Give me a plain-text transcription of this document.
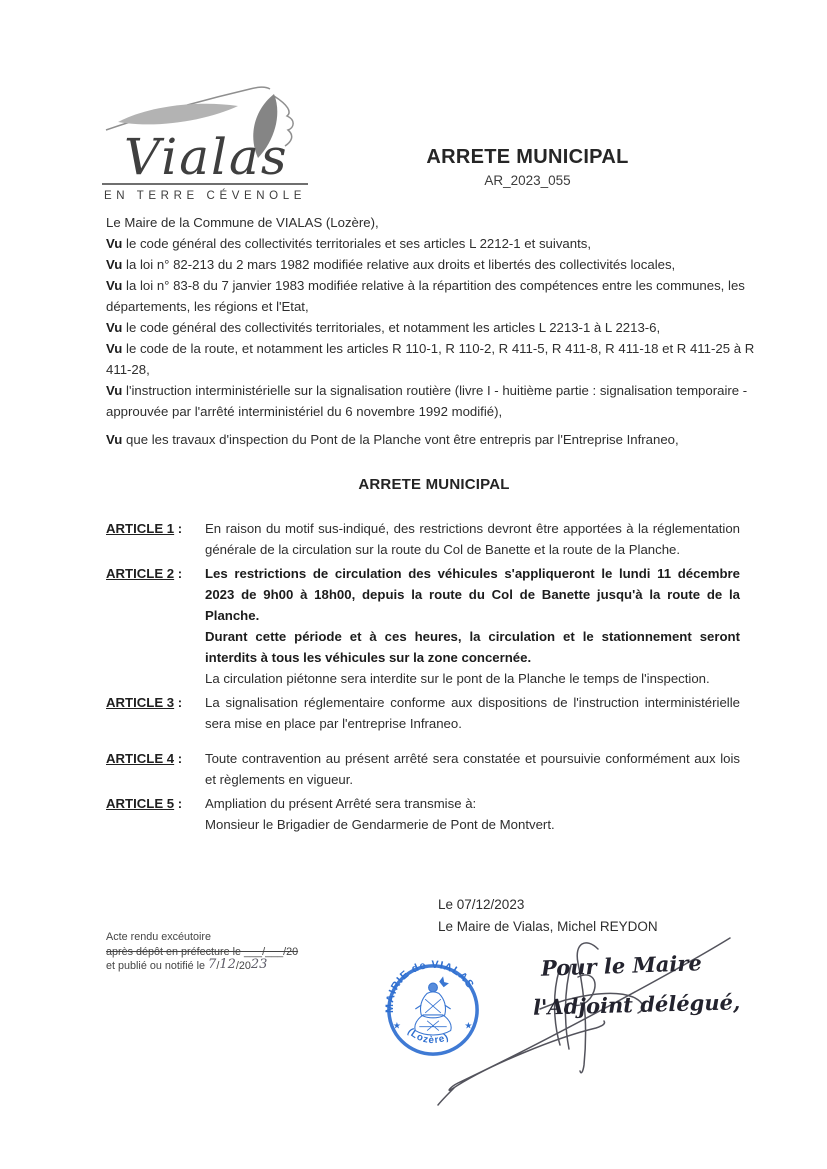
Vialas
EN TERRE CÉVENOLE
ARRETE MUNICIPAL
AR_2023_055

Le Maire de la Commune de VIALAS (Lozère),

Vu le code général des collectivités territoriales et ses articles L 2212-1 et suivants,

Vu la loi n° 82-213 du 2 mars 1982 modifiée relative aux droits et libertés des collectivités locales,

Vu la loi n° 83-8 du 7 janvier 1983 modifiée relative à la répartition des compétences entre les communes, les départements, les régions et l'Etat,

Vu le code général des collectivités territoriales, et notamment les articles L 2213-1 à L 2213-6,

Vu le code de la route, et notamment les articles R 110-1, R 110-2, R 411-5, R 411-8, R 411-18 et R 411-25 à R 411-28,

Vu l'instruction interministérielle sur la signalisation routière (livre I - huitième partie : signalisation temporaire - approuvée par l'arrêté interministériel du 6 novembre 1992 modifié),

Vu que les travaux d'inspection du Pont de la Planche vont être entrepris par l'Entreprise Infraneo,

ARRETE MUNICIPAL
ARTICLE 1 :	En raison du motif sus-indiqué, des restrictions devront être apportées à la réglementation générale de la circulation sur la route du Col de Banette et la route de la Planche.

ARTICLE 2 :	Les restrictions de circulation des véhicules s'appliqueront le lundi 11 décembre 2023 de 9h00 à 18h00, depuis la route du Col de Banette jusqu'à la route de la Planche.

Durant cette période et à ces heures, la circulation et le stationnement seront interdits à tous les véhicules sur la zone concernée.

La circulation piétonne sera interdite sur le pont de la Planche le temps de l'inspection.

ARTICLE 3 :	La signalisation réglementaire conforme aux dispositions de l'instruction interministérielle sera mise en place par l'entreprise Infraneo.

ARTICLE 4 :	Toute contravention au présent arrêté sera constatée et poursuivie conformément aux lois et règlements en vigueur.

ARTICLE 5 :	Ampliation du présent Arrêté sera transmise à:

Monsieur le Brigadier de Gendarmerie de Pont de Montvert.

Le 07/12/2023
Le Maire de Vialas, Michel REYDON
MAIRIE de VIALAS
(Lozère)
★	★
Pour le Maire
l'Adjoint délégué,
Acte rendu excéutoire
après dépôt en préfecture le ___/___/20
et publié ou notifié le 7/12/2023
